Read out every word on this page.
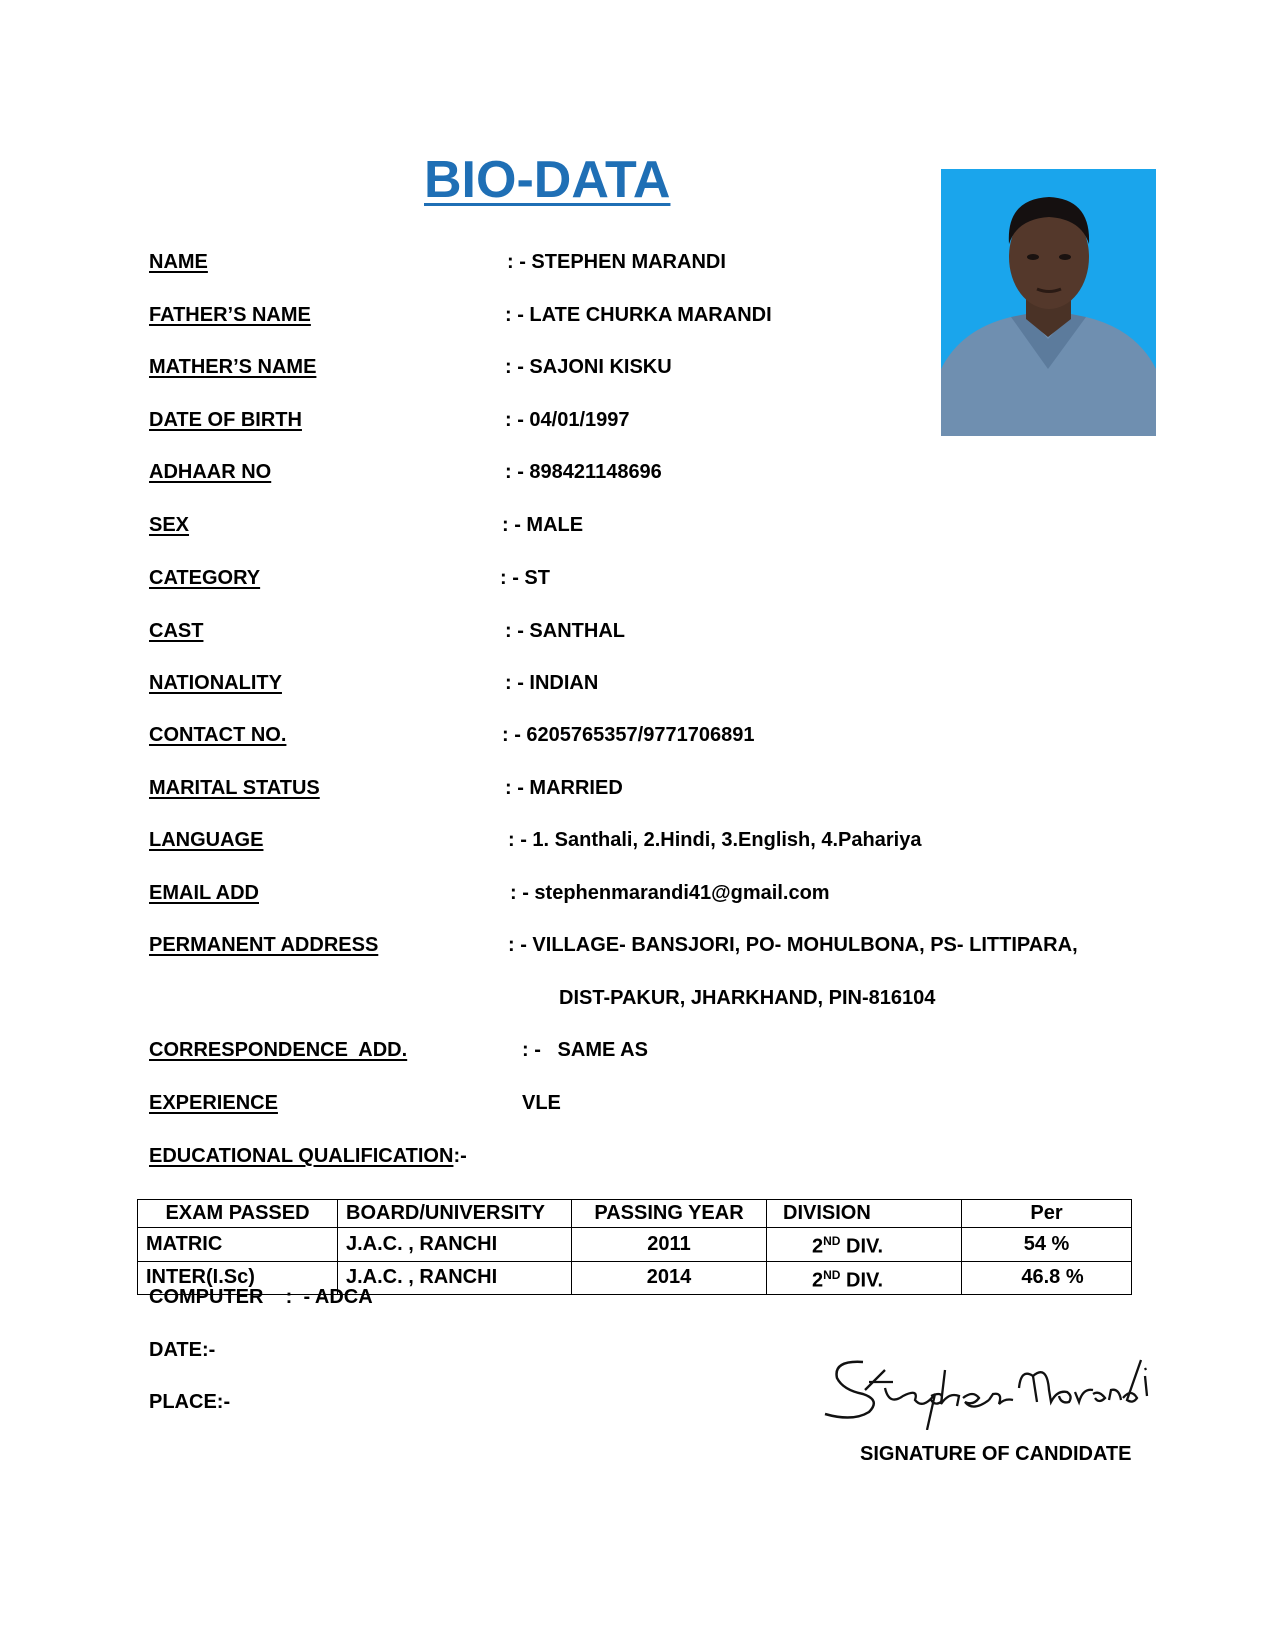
BIO-DATA
NAME	: - STEPHEN MARANDI
FATHER’S NAME	: - LATE CHURKA MARANDI
MATHER’S NAME	: - SAJONI KISKU
DATE OF BIRTH	: - 04/01/1997
ADHAAR NO	: - 898421148696
SEX	: - MALE
CATEGORY	: - ST
CAST	: - SANTHAL
NATIONALITY	: - INDIAN
CONTACT NO.	: - 6205765357/9771706891
MARITAL STATUS	: - MARRIED
LANGUAGE	: - 1. Santhali, 2.Hindi, 3.English, 4.Pahariya
EMAIL ADD	: - stephenmarandi41@gmail.com
PERMANENT ADDRESS	: - VILLAGE- BANSJORI, PO- MOHULBONA, PS- LITTIPARA,
DIST-PAKUR, JHARKHAND, PIN-816104
CORRESPONDENCE  ADD.	: -   SAME AS
EXPERIENCE	VLE
EDUCATIONAL QUALIFICATION:-
EXAM PASSED	BOARD/UNIVERSITY	PASSING YEAR	DIVISION	Per
MATRIC	J.A.C. , RANCHI	2011	2ND DIV.	54 %
INTER(I.Sc)	J.A.C. , RANCHI	2014	2ND DIV.	46.8 %
COMPUTER    :  - ADCA
DATE:-
PLACE:-
SIGNATURE OF CANDIDATE
